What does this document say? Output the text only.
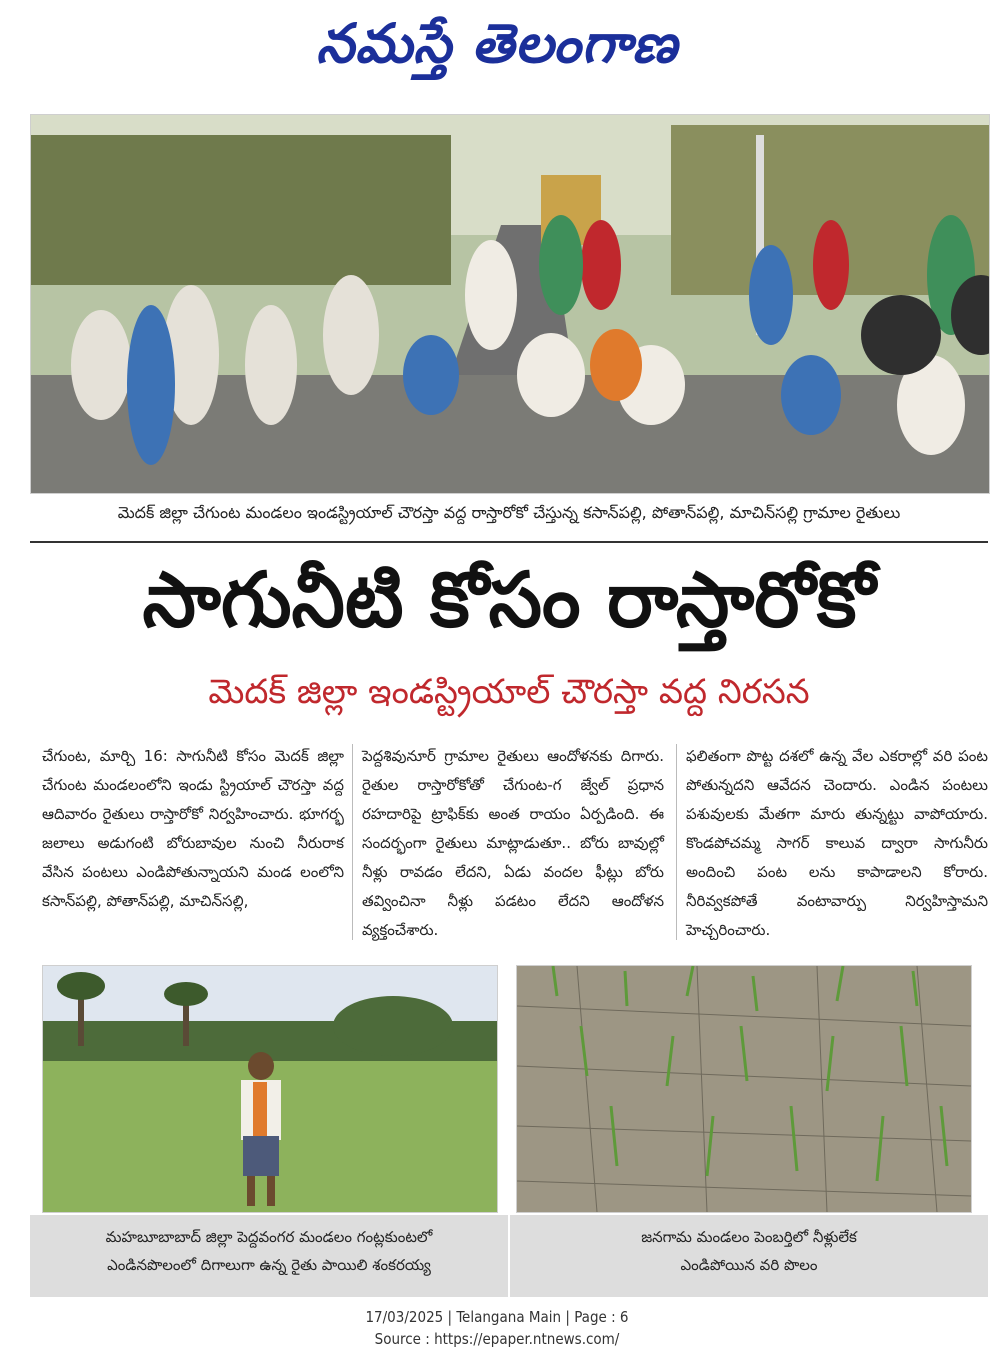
నమస్తే తెలంగాణ
మెదక్ జిల్లా చేగుంట మండలం ఇండస్ట్రియాల్ చౌరస్తా వద్ద రాస్తారోకో చేస్తున్న కసాన్‌పల్లి, పోతాన్‌పల్లి, మాచిన్‌సల్లి గ్రామాల రైతులు
సాగునీటి కోసం రాస్తారోకో
మెదక్ జిల్లా ఇండస్ట్రియాల్ చౌరస్తా వద్ద నిరసన
చేగుంట, మార్చి 16: సాగునీటి కోసం మెదక్ జిల్లా చేగుంట మండలంలోని ఇండు స్ట్రియాల్ చౌరస్తా వద్ద ఆదివారం రైతులు రాస్తారోకో నిర్వహించారు. భూగర్భ జలాలు అడుగంటి బోరుబావుల నుంచి నీరురాక వేసిన పంటలు ఎండిపోతున్నాయని మండ లంలోని కసాన్‌పల్లి, పోతాన్‌పల్లి, మాచిన్‌సల్లి,
పెద్దశివునూర్ గ్రామాల రైతులు ఆందోళనకు దిగారు. రైతుల రాస్తారోకోతో చేగుంట-గ జ్వేల్ ప్రధాన రహదారిపై ట్రాఫిక్‌కు అంత రాయం ఏర్పడింది. ఈ సందర్భంగా రైతులు మాట్లాడుతూ.. బోరు బావుల్లో నీళ్లు రావడం లేదని, ఏడు వందల ఫీట్లు బోరు తవ్వించినా నీళ్లు పడటం లేదని ఆందోళన వ్యక్తంచేశారు.
ఫలితంగా పొట్ట దశలో ఉన్న వేల ఎకరాల్లో వరి పంట పోతున్నదని ఆవేదన చెందారు. ఎండిన పంటలు పశువులకు మేతగా మారు తున్నట్టు వాపోయారు. కొండపోచమ్మ సాగర్ కాలువ ద్వారా సాగునీరు అందించి పంట లను కాపాడాలని కోరారు. నీరివ్వకపోతే వంటావార్పు నిర్వహిస్తామని హెచ్చరించారు.
మహబూబాబాద్ జిల్లా పెద్దవంగర మండలం గంట్లకుంటలో
ఎండినపొలంలో దిగాలుగా ఉన్న రైతు పాయిలి శంకరయ్య
జనగామ మండలం పెంబర్తిలో నీళ్లులేక
ఎండిపోయిన వరి పొలం
17/03/2025 | Telangana Main | Page : 6
Source : https://epaper.ntnews.com/
